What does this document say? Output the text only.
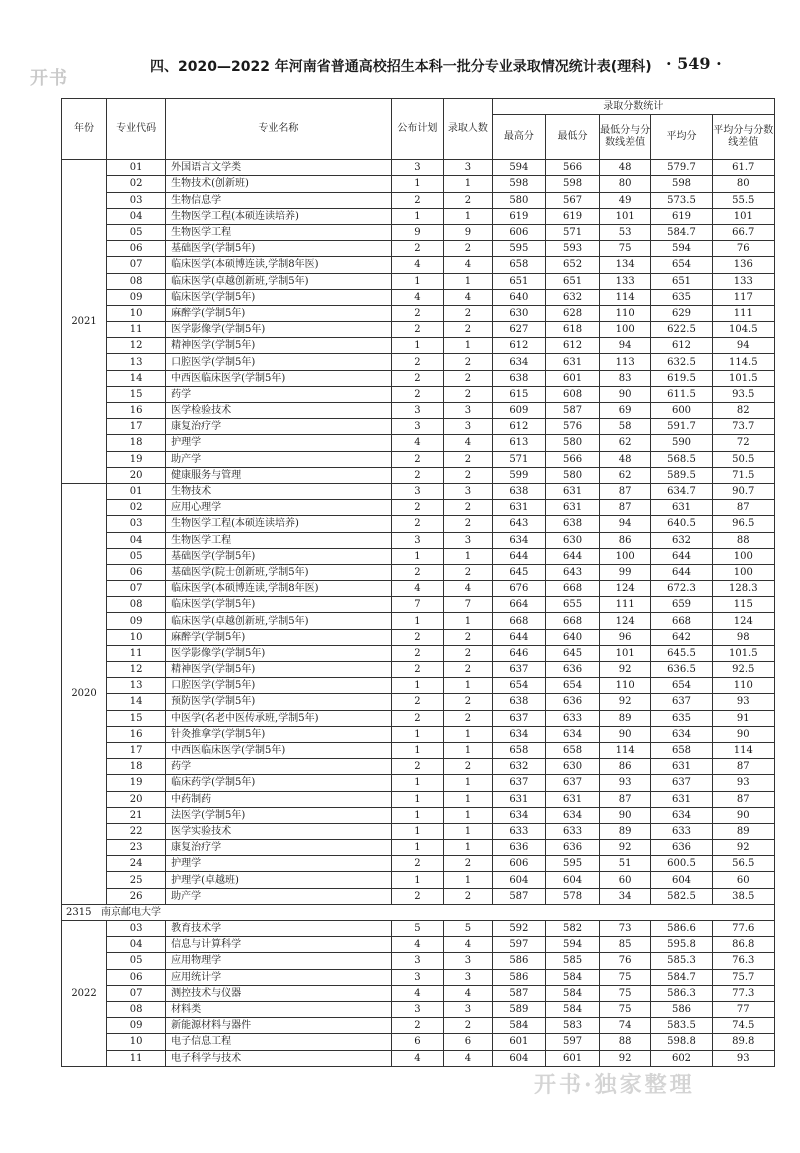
开书
四、2020—2022 年河南省普通高校招生本科一批分专业录取情况统计表(理科) · 549 ·
年份	专业代码	专业名称	公布计划	录取人数	录取分数统计				
					最高分	最低分	最低分与分数线差值	平均分	平均分与分数线差值
2021	01	外国语言文学类	3	3	594	566	48	579.7	61.7
	02	生物技术(创新班)	1	1	598	598	80	598	80
	03	生物信息学	2	2	580	567	49	573.5	55.5
	04	生物医学工程(本硕连读培养)	1	1	619	619	101	619	101
	05	生物医学工程	9	9	606	571	53	584.7	66.7
	06	基础医学(学制5年)	2	2	595	593	75	594	76
	07	临床医学(本硕博连读,学制8年医)	4	4	658	652	134	654	136
	08	临床医学(卓越创新班,学制5年)	1	1	651	651	133	651	133
	09	临床医学(学制5年)	4	4	640	632	114	635	117
	10	麻醉学(学制5年)	2	2	630	628	110	629	111
	11	医学影像学(学制5年)	2	2	627	618	100	622.5	104.5
	12	精神医学(学制5年)	1	1	612	612	94	612	94
	13	口腔医学(学制5年)	2	2	634	631	113	632.5	114.5
	14	中西医临床医学(学制5年)	2	2	638	601	83	619.5	101.5
	15	药学	2	2	615	608	90	611.5	93.5
	16	医学检验技术	3	3	609	587	69	600	82
	17	康复治疗学	3	3	612	576	58	591.7	73.7
	18	护理学	4	4	613	580	62	590	72
	19	助产学	2	2	571	566	48	568.5	50.5
	20	健康服务与管理	2	2	599	580	62	589.5	71.5
2020	01	生物技术	3	3	638	631	87	634.7	90.7
	02	应用心理学	2	2	631	631	87	631	87
	03	生物医学工程(本硕连读培养)	2	2	643	638	94	640.5	96.5
	04	生物医学工程	3	3	634	630	86	632	88
	05	基础医学(学制5年)	1	1	644	644	100	644	100
	06	基础医学(院士创新班,学制5年)	2	2	645	643	99	644	100
	07	临床医学(本硕博连读,学制8年医)	4	4	676	668	124	672.3	128.3
	08	临床医学(学制5年)	7	7	664	655	111	659	115
	09	临床医学(卓越创新班,学制5年)	1	1	668	668	124	668	124
	10	麻醉学(学制5年)	2	2	644	640	96	642	98
	11	医学影像学(学制5年)	2	2	646	645	101	645.5	101.5
	12	精神医学(学制5年)	2	2	637	636	92	636.5	92.5
	13	口腔医学(学制5年)	1	1	654	654	110	654	110
	14	预防医学(学制5年)	2	2	638	636	92	637	93
	15	中医学(名老中医传承班,学制5年)	2	2	637	633	89	635	91
	16	针灸推拿学(学制5年)	1	1	634	634	90	634	90
	17	中西医临床医学(学制5年)	1	1	658	658	114	658	114
	18	药学	2	2	632	630	86	631	87
	19	临床药学(学制5年)	1	1	637	637	93	637	93
	20	中药制药	1	1	631	631	87	631	87
	21	法医学(学制5年)	1	1	634	634	90	634	90
	22	医学实验技术	1	1	633	633	89	633	89
	23	康复治疗学	1	1	636	636	92	636	92
	24	护理学	2	2	606	595	51	600.5	56.5
	25	护理学(卓越班)	1	1	604	604	60	604	60
	26	助产学	2	2	587	578	34	582.5	38.5
2315 南京邮电大学									
2022	03	教育技术学	5	5	592	582	73	586.6	77.6
	04	信息与计算科学	4	4	597	594	85	595.8	86.8
	05	应用物理学	3	3	586	585	76	585.3	76.3
	06	应用统计学	3	3	586	584	75	584.7	75.7
	07	测控技术与仪器	4	4	587	584	75	586.3	77.3
	08	材料类	3	3	589	584	75	586	77
	09	新能源材料与器件	2	2	584	583	74	583.5	74.5
	10	电子信息工程	6	6	601	597	88	598.8	89.8
	11	电子科学与技术	4	4	604	601	92	602	93
开书·独家整理
